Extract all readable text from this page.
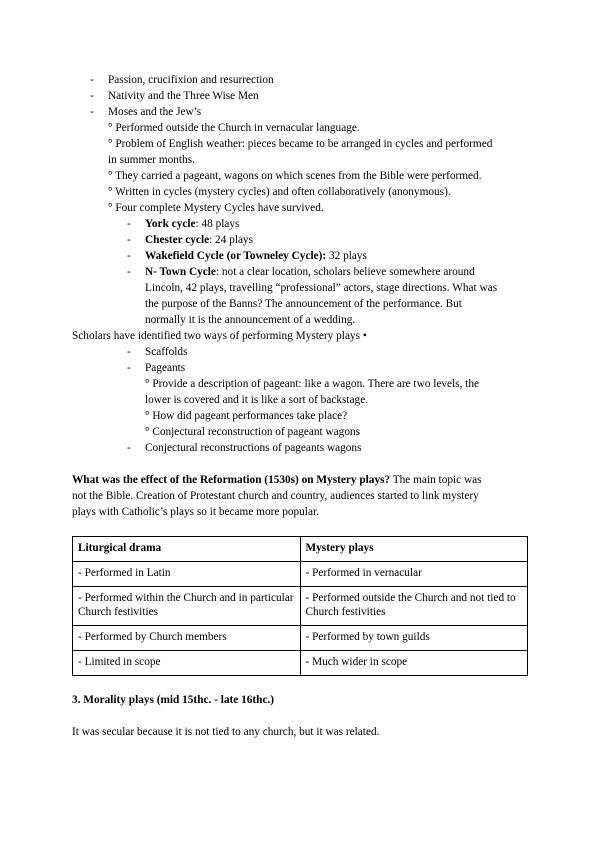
- Passion, crucifixion and resurrection
- Nativity and the Three Wise Men
- Moses and the Jew’s
° Performed outside the Church in vernacular language.
° Problem of English weather: pieces became to be arranged in cycles and performed
in summer months.
° They carried a pageant, wagons on which scenes from the Bible were performed.
° Written in cycles (mystery cycles) and often collaboratively (anonymous).
° Four complete Mystery Cycles have survived.
- York cycle: 48 plays
- Chester cycle: 24 plays
- Wakefield Cycle (or Towneley Cycle): 32 plays
- N- Town Cycle: not a clear location, scholars believe somewhere around
Lincoln, 42 plays, travelling “professional” actors, stage directions. What was
the purpose of the Banns? The announcement of the performance. But
normally it is the announcement of a wedding.
Scholars have identified two ways of performing Mystery plays •
- Scaffolds
- Pageants
° Provide a description of pageant: like a wagon. There are two levels, the
lower is covered and it is like a sort of backstage.
° How did pageant performances take place?
° Conjectural reconstruction of pageant wagons
- Conjectural reconstructions of pageants wagons
What was the effect of the Reformation (1530s) on Mystery plays? The main topic was
not the Bible. Creation of Protestant church and country, audiences started to link mystery
plays with Catholic’s plays so it became more popular.
Liturgical drama	Mystery plays
- Performed in Latin	- Performed in vernacular
- Performed within the Church and in particular Church festivities	- Performed outside the Church and not tied to Church festivities
- Performed by Church members	- Performed by town guilds
- Limited in scope	- Much wider in scope
3. Morality plays (mid 15thc. - late 16thc.)
It was secular because it is not tied to any church, but it was related.
